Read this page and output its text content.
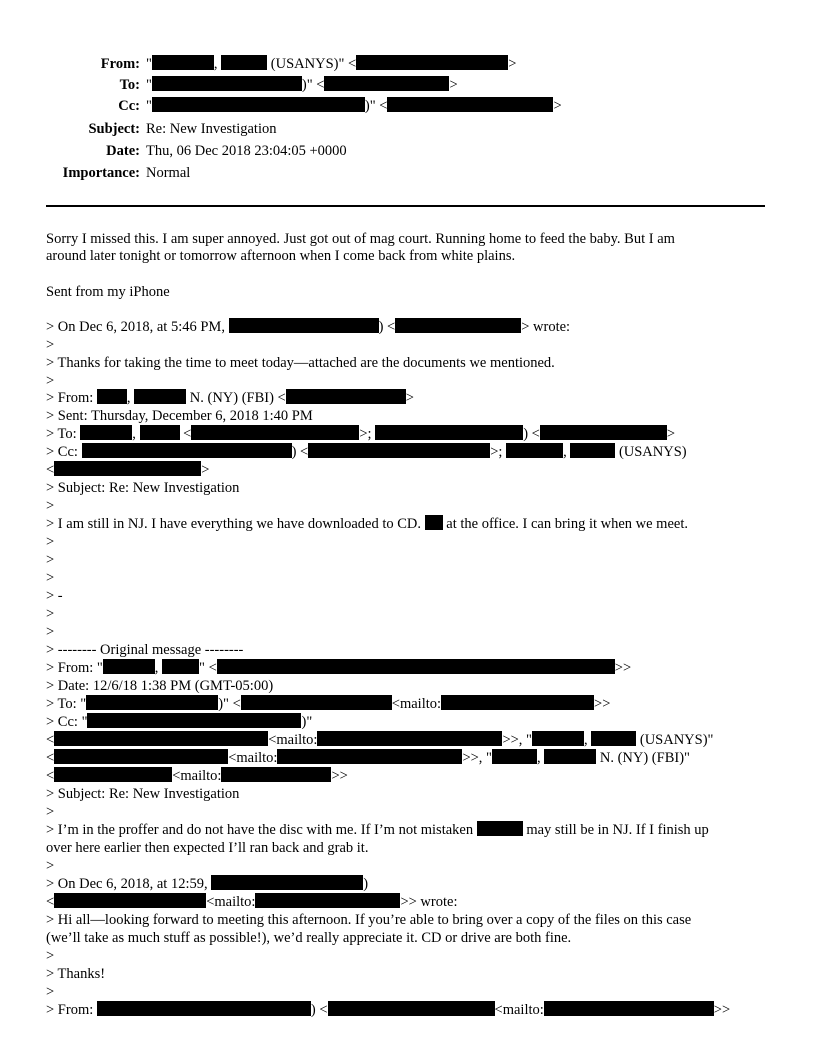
From: "	,	(USANYS)" <	>
To: "	)" <	>
Cc: "	)" <	>
Subject: Re: New Investigation
Date: Thu, 06 Dec 2018 23:04:05 +0000
Importance: Normal
Sorry I missed this. I am super annoyed. Just got out of mag court. Running home to feed the baby. But I am
around later tonight or tomorrow afternoon when I come back from white plains.
Sent from my iPhone
> On Dec 6, 2018, at 5:46 PM,	) <	> wrote:
>
> Thanks for taking the time to meet today—attached are the documents we mentioned.
>
> From: ,	N. (NY) (FBI) <	>
> Sent: Thursday, December 6, 2018 1:40 PM
> To:	,	<	>;	) <	>
> Cc:	) <	>;	,	(USANYS)
<	>
> Subject: Re: New Investigation
>
> I am still in NJ. I have everything we have downloaded to CD. at the office. I can bring it when we meet.
>
>
>
> -
>
>
> -------- Original message --------
> From: "	,	" <	>>
> Date: 12/6/18 1:38 PM (GMT-05:00)
> To: "	)" <	<mailto:	>>
> Cc: "	)"
<	<mailto:	>>, "	,	(USANYS)"
<	<mailto:	>>, "	,	N. (NY) (FBI)"
<	<mailto:	>>
> Subject: Re: New Investigation
>
> I’m in the proffer and do not have the disc with me. If I’m not mistaken	may still be in NJ. If I finish up
over here earlier then expected I’ll ran back and grab it.
>
> On Dec 6, 2018, at 12:59,	)
<	<mailto:	>> wrote:
> Hi all—looking forward to meeting this afternoon. If you’re able to bring over a copy of the files on this case
(we’ll take as much stuff as possible!), we’d really appreciate it. CD or drive are both fine.
>
> Thanks!
>
> From:	) <	<mailto:	>>
